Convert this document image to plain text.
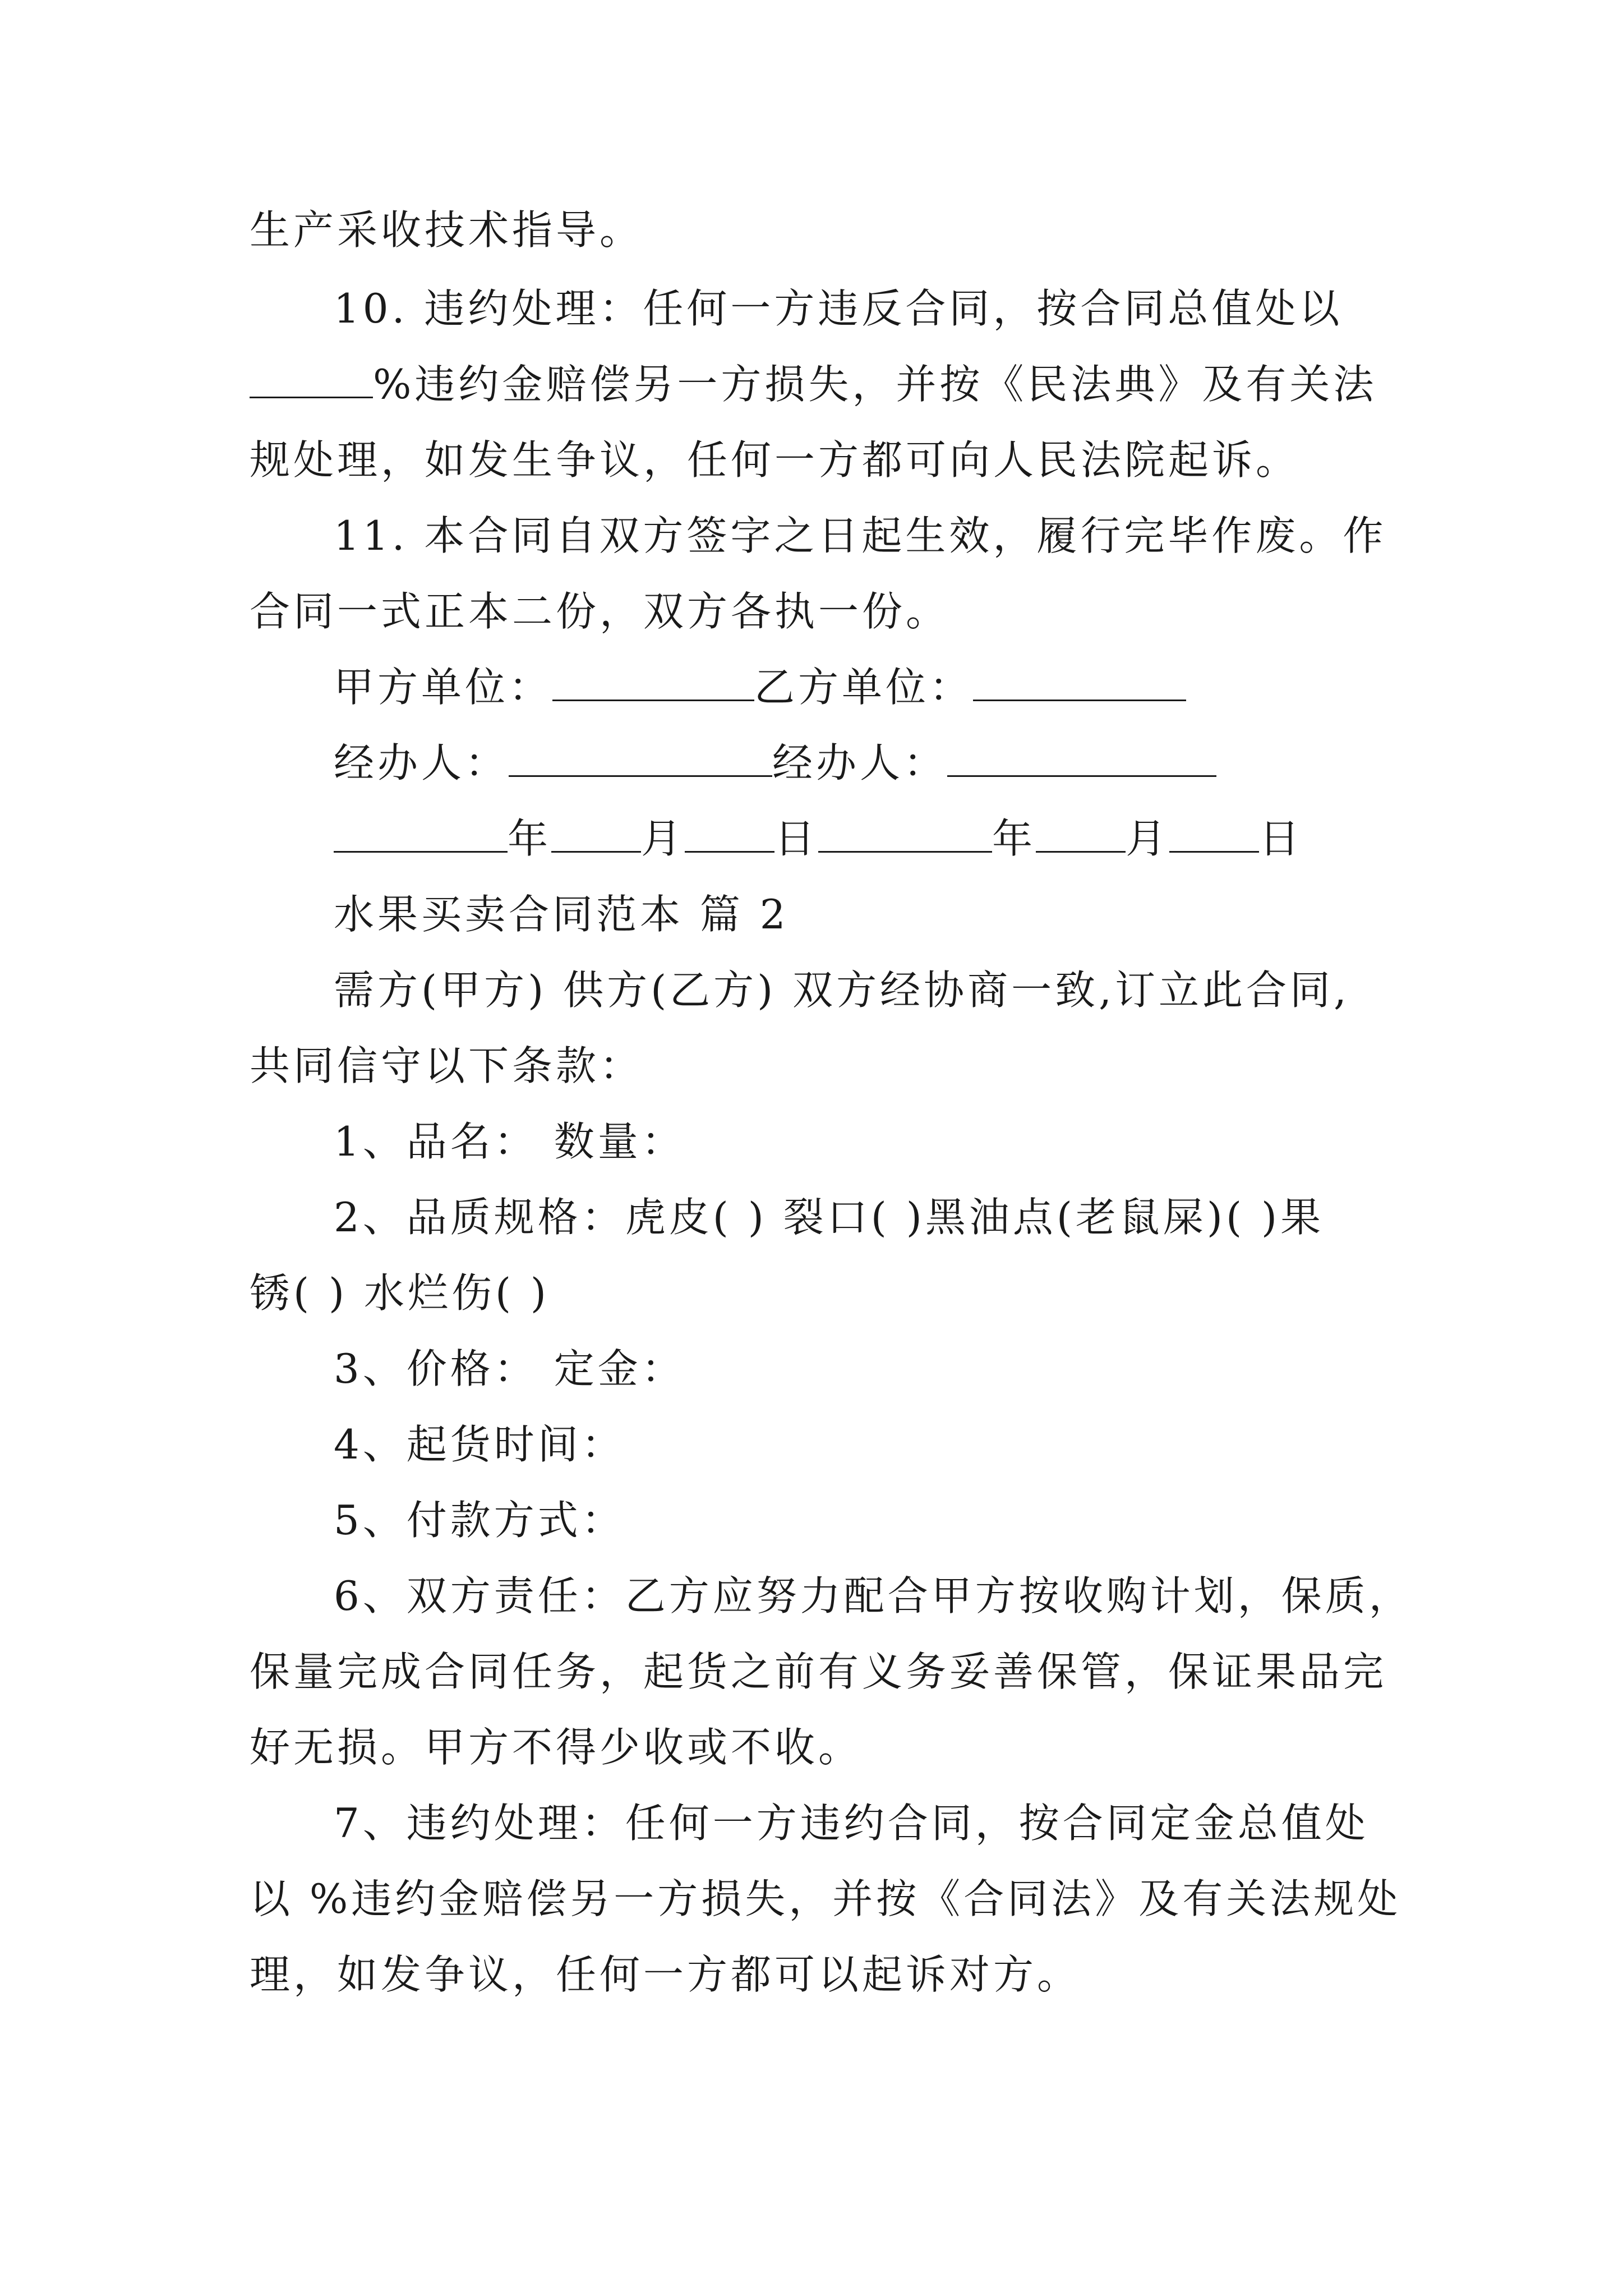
生产采收技术指导。
10. 违约处理：任何一方违反合同，按合同总值处以
%违约金赔偿另一方损失，并按《民法典》及有关法
规处理，如发生争议，任何一方都可向人民法院起诉。
11. 本合同自双方签字之日起生效，履行完毕作废。作
合同一式正本二份，双方各执一份。
甲方单位：	乙方单位：
经办人：	经办人：
年 月 日	年 月 日
水果买卖合同范本 篇 2
需方(甲方) 供方(乙方) 双方经协商一致,订立此合同,
共同信守以下条款：
1、品名： 数量：
2、品质规格：虎皮( ) 裂口( )黑油点(老鼠屎)( )果
锈( ) 水烂伤( )
3、价格： 定金：
4、起货时间：
5、付款方式：
6、双方责任：乙方应努力配合甲方按收购计划，保质，
保量完成合同任务，起货之前有义务妥善保管，保证果品完
好无损。甲方不得少收或不收。
7、违约处理：任何一方违约合同，按合同定金总值处
以 %违约金赔偿另一方损失，并按《合同法》及有关法规处
理，如发争议，任何一方都可以起诉对方。
